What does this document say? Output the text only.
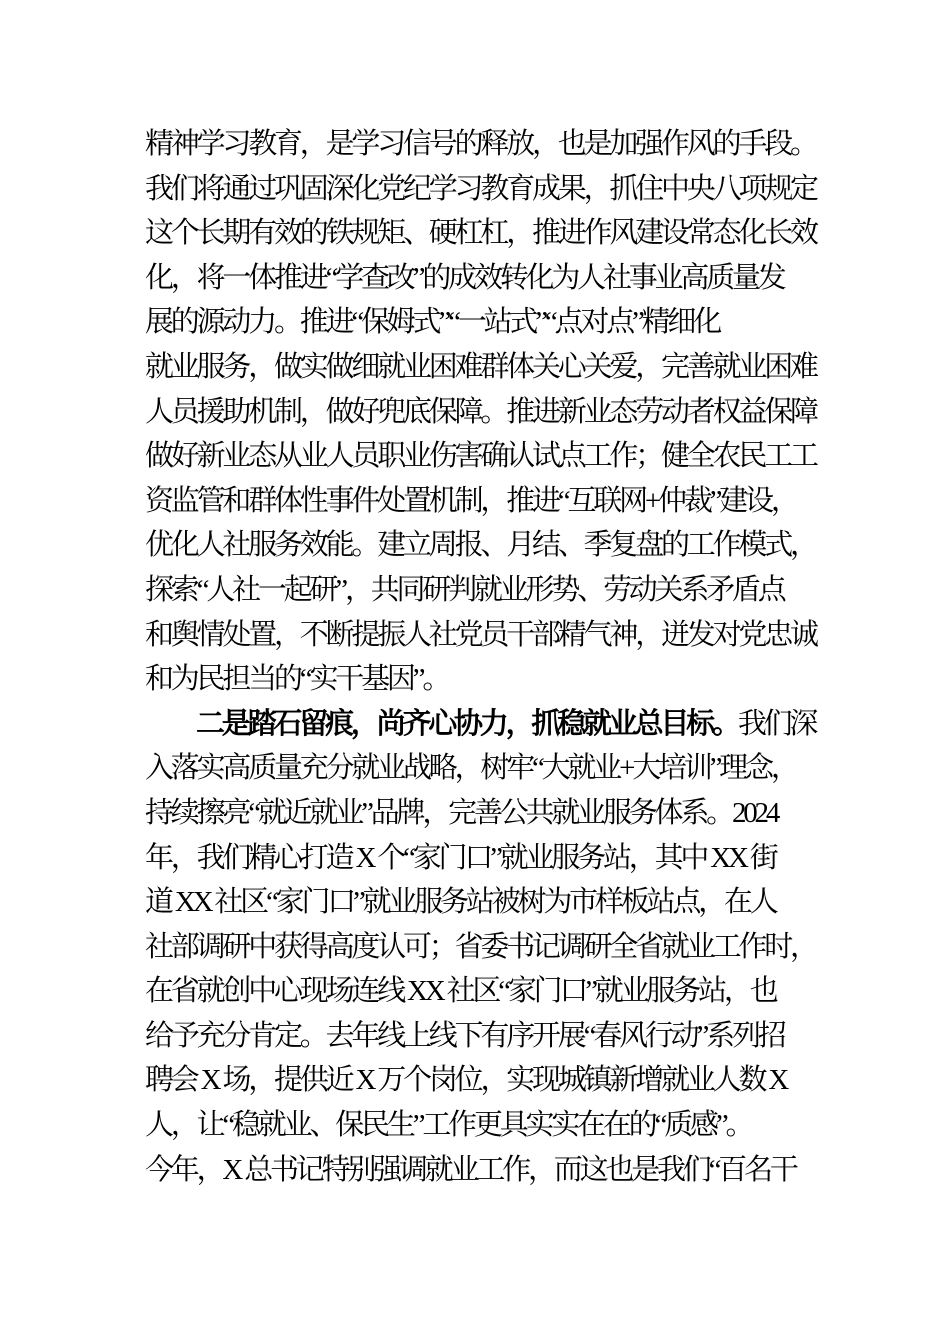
精神学习教育，是学习信号的释放，也是加强作风的手段。
我们将通过巩固深化党纪学习教育成果，抓住中央八项规定
这个长期有效的铁规矩、硬杠杠，推进作风建设常态化长效
化，将一体推进“学查改”的成效转化为人社事业高质量发
展的源动力。推进“保姆式”“一站式”“点对点”精细化
就业服务，做实做细就业困难群体关心关爱，完善就业困难
人员援助机制，做好兜底保障。推进新业态劳动者权益保障
做好新业态从业人员职业伤害确认试点工作；健全农民工工
资监管和群体性事件处置机制，推进“互联网+仲裁”建设，
优化人社服务效能。建立周报、月结、季复盘的工作模式，
探索“人社一起研”，共同研判就业形势、劳动关系矛盾点
和舆情处置，不断提振人社党员干部精气神，迸发对党忠诚
和为民担当的“实干基因”。
二是踏石留痕，尚齐心协力，抓稳就业总目标。我们深
入落实高质量充分就业战略，树牢“大就业+大培训”理念，
持续擦亮“就近就业”品牌，完善公共就业服务体系。2024
年，我们精心打造 X 个“家门口”就业服务站，其中 XX 街
道 XX 社区“家门口”就业服务站被树为市样板站点，在人
社部调研中获得高度认可；省委书记调研全省就业工作时，
在省就创中心现场连线 XX 社区“家门口”就业服务站，也
给予充分肯定。去年线上线下有序开展“春风行动”系列招
聘会 X 场，提供近 X 万个岗位，实现城镇新增就业人数 X
人，让“稳就业、保民生”工作更具实实在在的“质感”。
今年，X 总书记特别强调就业工作，而这也是我们“百名干
